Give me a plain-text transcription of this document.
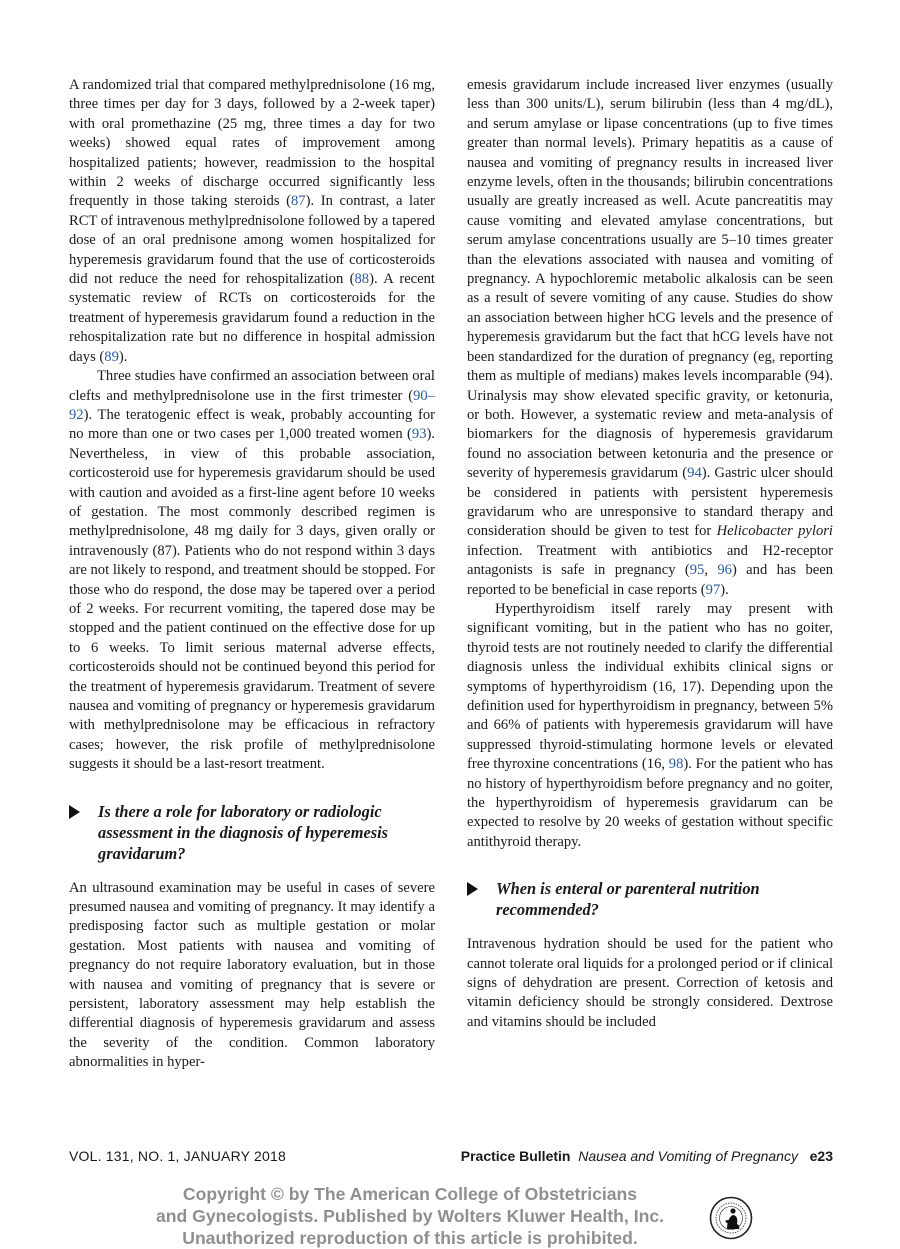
A randomized trial that compared methylprednisolone (16 mg, three times per day for 3 days, followed by a 2-week taper) with oral promethazine (25 mg, three times a day for two weeks) showed equal rates of improvement among hospitalized patients; however, readmission to the hospital within 2 weeks of discharge occurred significantly less frequently in those taking steroids (87). In contrast, a later RCT of intravenous methylprednisolone followed by a tapered dose of an oral prednisone among women hospitalized for hyperemesis gravidarum found that the use of corticosteroids did not reduce the need for rehospitalization (88). A recent systematic review of RCTs on corticosteroids for the treatment of hyperemesis gravidarum found a reduction in the rehospitalization rate but no difference in hospital admission days (89).

Three studies have confirmed an association between oral clefts and methylprednisolone use in the first trimester (90–92). The teratogenic effect is weak, probably accounting for no more than one or two cases per 1,000 treated women (93). Nevertheless, in view of this probable association, corticosteroid use for hyperemesis gravidarum should be used with caution and avoided as a first-line agent before 10 weeks of gestation. The most commonly described regimen is methylprednisolone, 48 mg daily for 3 days, given orally or intravenously (87). Patients who do not respond within 3 days are not likely to respond, and treatment should be stopped. For those who do respond, the dose may be tapered over a period of 2 weeks. For recurrent vomiting, the tapered dose may be stopped and the patient continued on the effective dose for up to 6 weeks. To limit serious maternal adverse effects, corticosteroids should not be continued beyond this period for the treatment of hyperemesis gravidarum. Treatment of severe nausea and vomiting of pregnancy or hyperemesis gravidarum with methylprednisolone may be efficacious in refractory cases; however, the risk profile of methylprednisolone suggests it should be a last-resort treatment.

Is there a role for laboratory or radiologic assessment in the diagnosis of hyperemesis gravidarum?

An ultrasound examination may be useful in cases of severe presumed nausea and vomiting of pregnancy. It may identify a predisposing factor such as multiple gestation or molar gestation. Most patients with nausea and vomiting of pregnancy do not require laboratory evaluation, but in those with nausea and vomiting of pregnancy that is severe or persistent, laboratory assessment may help establish the differential diagnosis of hyperemesis gravidarum and assess the severity of the condition. Common laboratory abnormalities in hyper-

emesis gravidarum include increased liver enzymes (usually less than 300 units/L), serum bilirubin (less than 4 mg/dL), and serum amylase or lipase concentrations (up to five times greater than normal levels). Primary hepatitis as a cause of nausea and vomiting of pregnancy results in increased liver enzyme levels, often in the thousands; bilirubin concentrations usually are greatly increased as well. Acute pancreatitis may cause vomiting and elevated amylase concentrations, but serum amylase concentrations usually are 5–10 times greater than the elevations associated with nausea and vomiting of pregnancy. A hypochloremic metabolic alkalosis can be seen as a result of severe vomiting of any cause. Studies do show an association between higher hCG levels and the presence of hyperemesis gravidarum but the fact that hCG levels have not been standardized for the duration of pregnancy (eg, reporting them as multiple of medians) makes levels incomparable (94). Urinalysis may show elevated specific gravity, or ketonuria, or both. However, a systematic review and meta-analysis of biomarkers for the diagnosis of hyperemesis gravidarum found no association between ketonuria and the presence or severity of hyperemesis gravidarum (94). Gastric ulcer should be considered in patients with persistent hyperemesis gravidarum who are unresponsive to standard therapy and consideration should be given to test for Helicobacter pylori infection. Treatment with antibiotics and H2-receptor antagonists is safe in pregnancy (95, 96) and has been reported to be beneficial in case reports (97).

Hyperthyroidism itself rarely may present with significant vomiting, but in the patient who has no goiter, thyroid tests are not routinely needed to clarify the differential diagnosis unless the individual exhibits clinical signs or symptoms of hyperthyroidism (16, 17). Depending upon the definition used for hyperthyroidism in pregnancy, between 5% and 66% of patients with hyperemesis gravidarum will have suppressed thyroid-stimulating hormone levels or elevated free thyroxine concentrations (16, 98). For the patient who has no history of hyperthyroidism before pregnancy and no goiter, the hyperthyroidism of hyperemesis gravidarum can be expected to resolve by 20 weeks of gestation without specific antithyroid therapy.

When is enteral or parenteral nutrition recommended?

Intravenous hydration should be used for the patient who cannot tolerate oral liquids for a prolonged period or if clinical signs of dehydration are present. Correction of ketosis and vitamin deficiency should be strongly considered. Dextrose and vitamins should be included

VOL. 131, NO. 1, JANUARY 2018	Practice Bulletin Nausea and Vomiting of Pregnancy e23
Copyright © by The American College of Obstetricians
and Gynecologists. Published by Wolters Kluwer Health, Inc.
Unauthorized reproduction of this article is prohibited.
